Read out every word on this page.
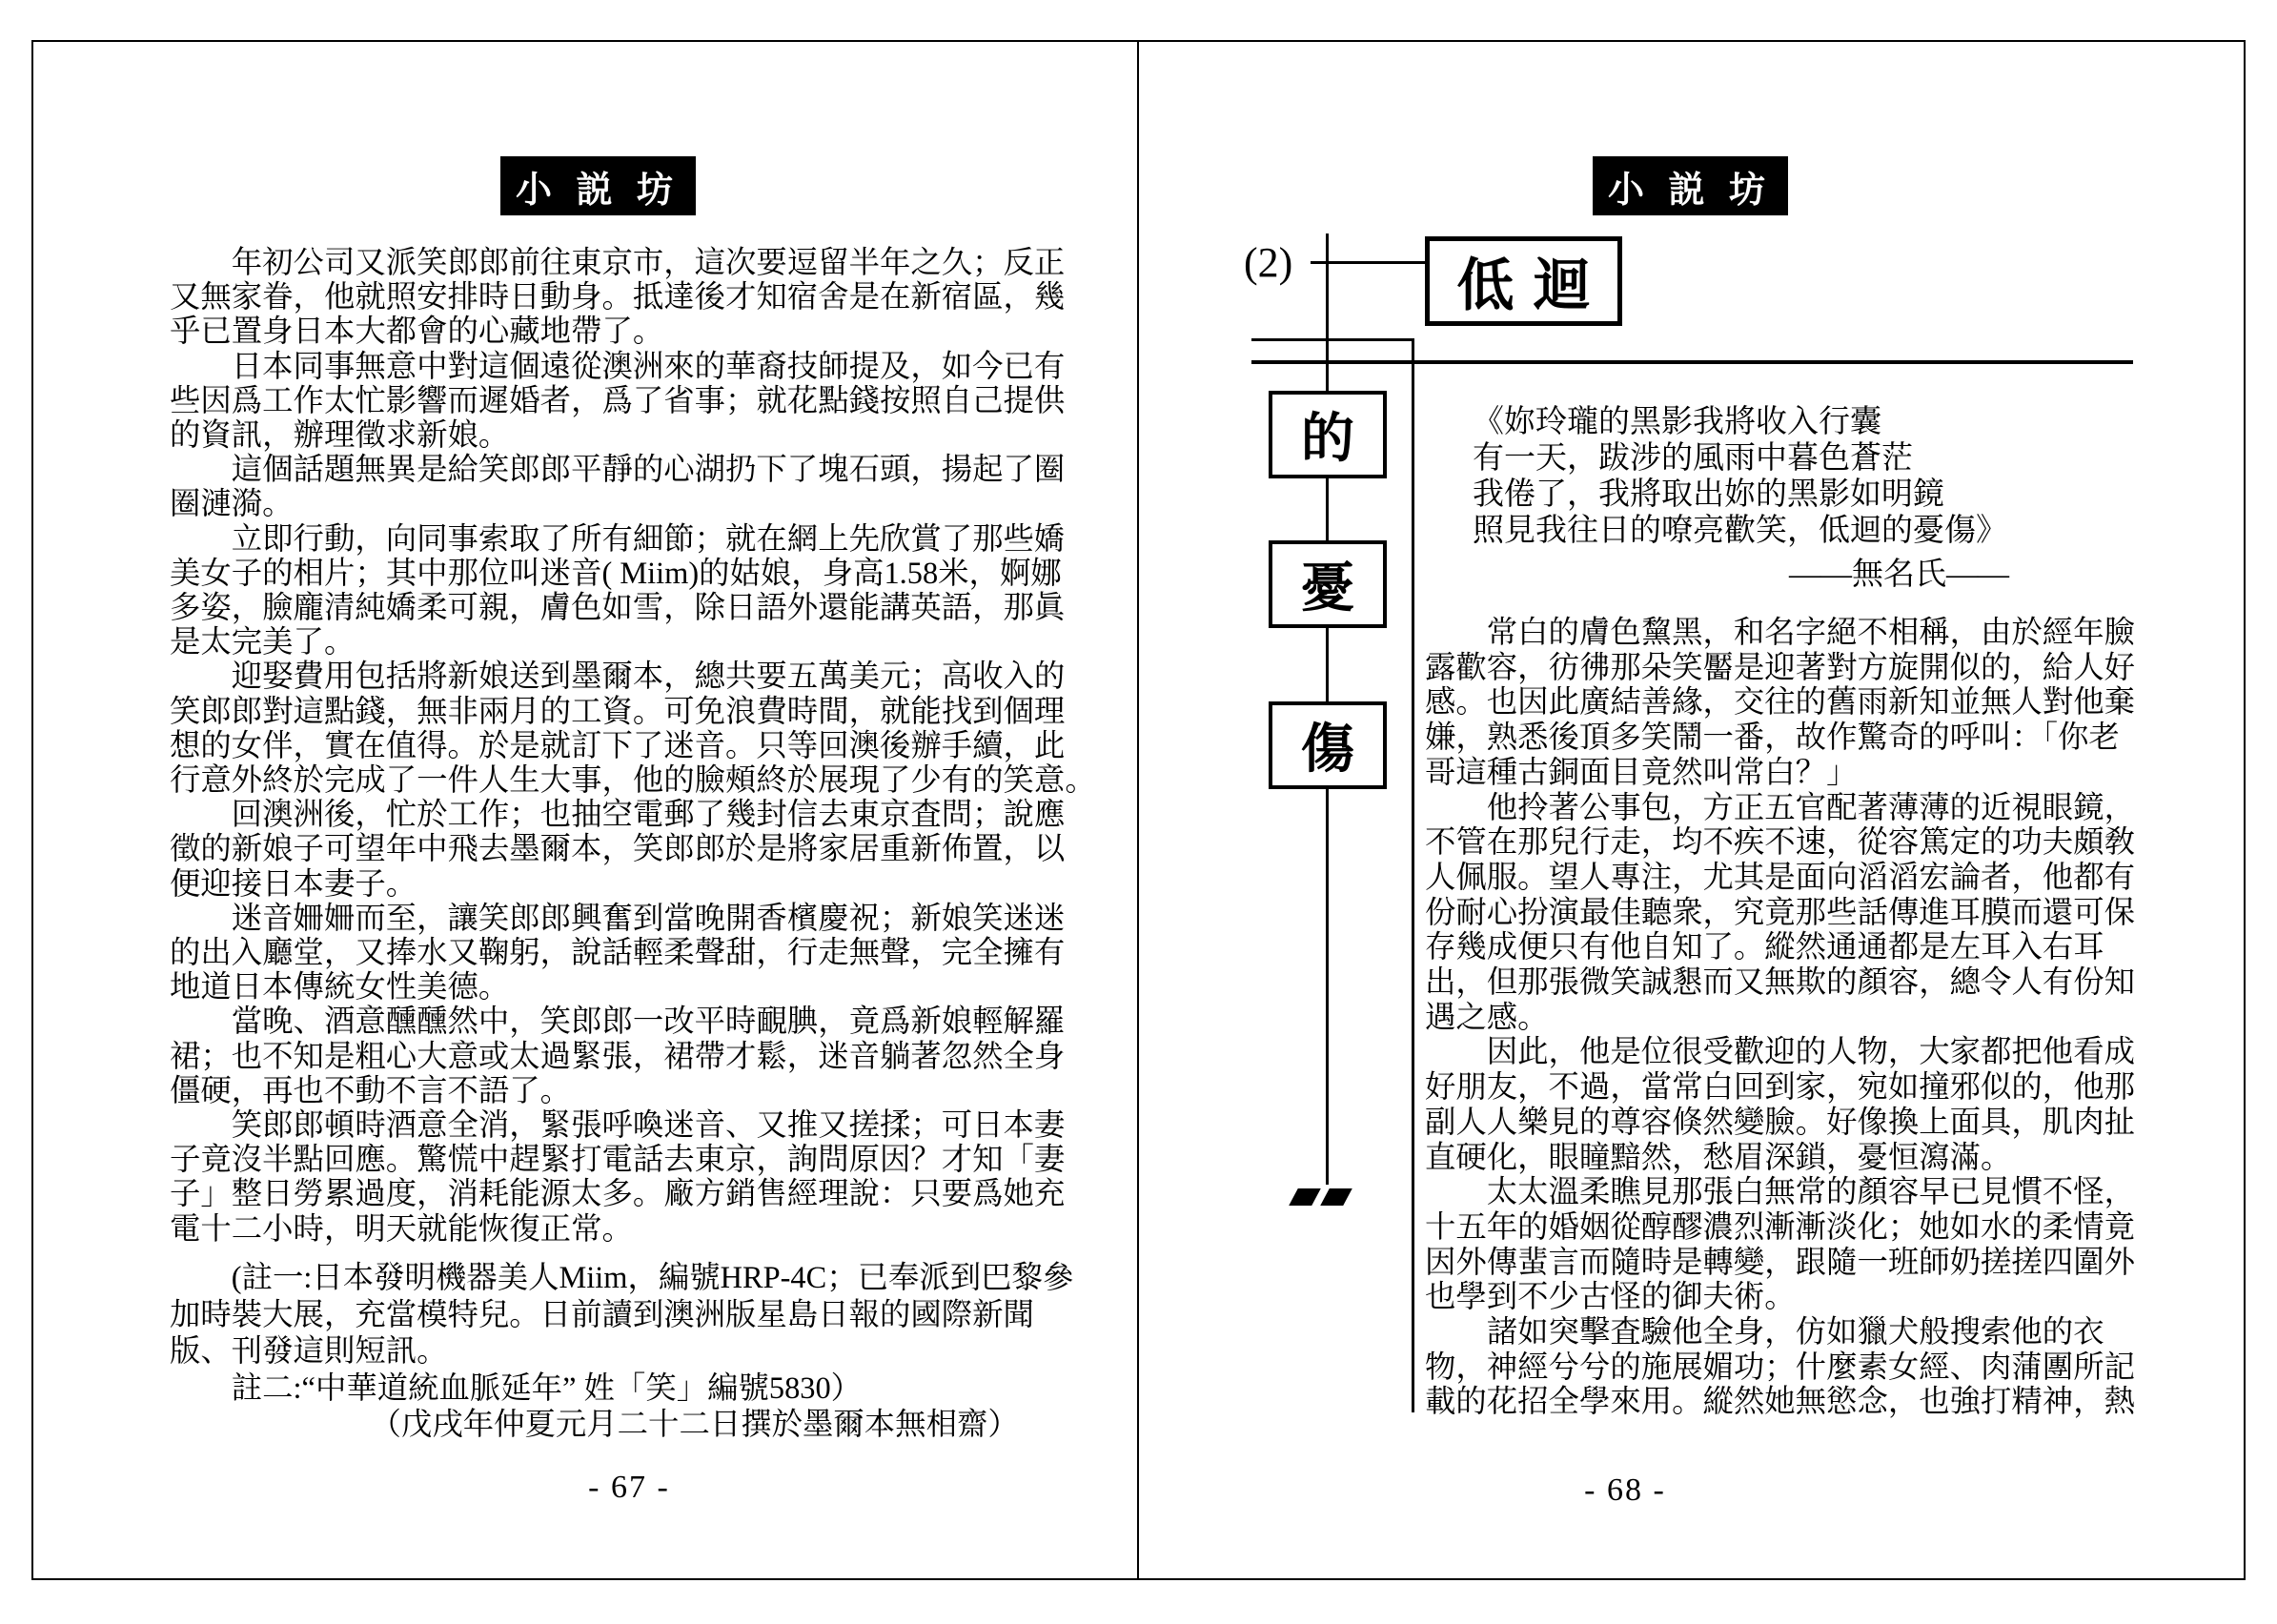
小 説 坊
　　年初公司又派笑郎郎前往東京市，這次要逗留半年之久；反正
又無家眷，他就照安排時日動身。抵達後才知宿舍是在新宿區，幾
乎已置身日本大都會的心藏地帶了。
　　日本同事無意中對這個遠從澳洲來的華裔技師提及，如今已有
些因爲工作太忙影響而遲婚者，爲了省事；就花點錢按照自己提供
的資訊，辦理徵求新娘。
　　這個話題無異是給笑郎郎平靜的心湖扔下了塊石頭，揚起了圈
圈漣漪。
　　立即行動，向同事索取了所有細節；就在網上先欣賞了那些嬌
美女子的相片；其中那位叫迷音( Miim)的姑娘，身高1.58米，婀娜
多姿，臉龐清純嬌柔可親，膚色如雪，除日語外還能講英語，那眞
是太完美了。
　　迎娶費用包括將新娘送到墨爾本，總共要五萬美元；高收入的
笑郎郎對這點錢，無非兩月的工資。可免浪費時間，就能找到個理
想的女伴，實在值得。於是就訂下了迷音。只等回澳後辦手續，此
行意外終於完成了一件人生大事，他的臉頰終於展現了少有的笑意。
　　回澳洲後，忙於工作；也抽空電郵了幾封信去東京査問；說應
徵的新娘子可望年中飛去墨爾本，笑郎郎於是將家居重新佈置，以
便迎接日本妻子。
　　迷音姍姍而至，讓笑郎郎興奮到當晚開香檳慶祝；新娘笑迷迷
的出入廳堂，又捧水又鞠躬，說話輕柔聲甜，行走無聲，完全擁有
地道日本傳統女性美德。
　　當晚、酒意醺醺然中，笑郎郎一改平時靦腆，竟爲新娘輕解羅
裙；也不知是粗心大意或太過緊張，裙帶才鬆，迷音躺著忽然全身
僵硬，再也不動不言不語了。
　　笑郎郎頓時酒意全消，緊張呼喚迷音、又推又搓揉；可日本妻
子竟沒半點回應。驚慌中趕緊打電話去東京，詢問原因？才知「妻
子」整日勞累過度，消耗能源太多。廠方銷售經理說：只要爲她充
電十二小時，明天就能恢復正常。
　　(註一:日本發明機器美人Miim，編號HRP-4C；已奉派到巴黎參
加時裝大展，充當模特兒。日前讀到澳洲版星島日報的國際新聞
版、刊發這則短訊。
　　註二:“中華道統血脈延年” 姓「笑」編號5830）
　　　　　　　（戊戌年仲夏元月二十二日撰於墨爾本無相齋）
- 67 -
小 説 坊
(2)	低迴
的
憂
傷
《妳玲瓏的黑影我將收入行囊
有一天，跋涉的風雨中暮色蒼茫
我倦了，我將取出妳的黑影如明鏡
照見我往日的嘹亮歡笑，低迴的憂傷》
——無名氏——
　　常白的膚色黧黑，和名字絕不相稱，由於經年臉
露歡容，彷彿那朵笑靨是迎著對方旋開似的，給人好
感。也因此廣結善緣，交往的舊雨新知並無人對他棄
嫌，熟悉後頂多笑鬧一番，故作驚奇的呼叫：「你老
哥這種古銅面目竟然叫常白？」
　　他拎著公事包，方正五官配著薄薄的近視眼鏡，
不管在那兒行走，均不疾不速，從容篤定的功夫頗敎
人佩服。望人專注，尤其是面向滔滔宏論者，他都有
份耐心扮演最佳聽衆，究竟那些話傳進耳膜而還可保
存幾成便只有他自知了。縱然通通都是左耳入右耳
出，但那張微笑誠懇而又無欺的顏容，總令人有份知
遇之感。
　　因此，他是位很受歡迎的人物，大家都把他看成
好朋友，不過，當常白回到家，宛如撞邪似的，他那
副人人樂見的尊容倏然變臉。好像換上面具，肌肉扯
直硬化，眼瞳黯然，愁眉深鎖，憂恒瀉滿。
　　太太溫柔瞧見那張白無常的顏容早已見慣不怪，
十五年的婚姻從醇醪濃烈漸漸淡化；她如水的柔情竟
因外傳蜚言而隨時是轉變，跟隨一班師奶搓搓四圍外
也學到不少古怪的御夫術。
　　諸如突擊査驗他全身，仿如獵犬般搜索他的衣
物，神經兮兮的施展媚功；什麼素女經、肉蒲團所記
載的花招全學來用。縱然她無慾念，也強打精神，熱
- 68 -
